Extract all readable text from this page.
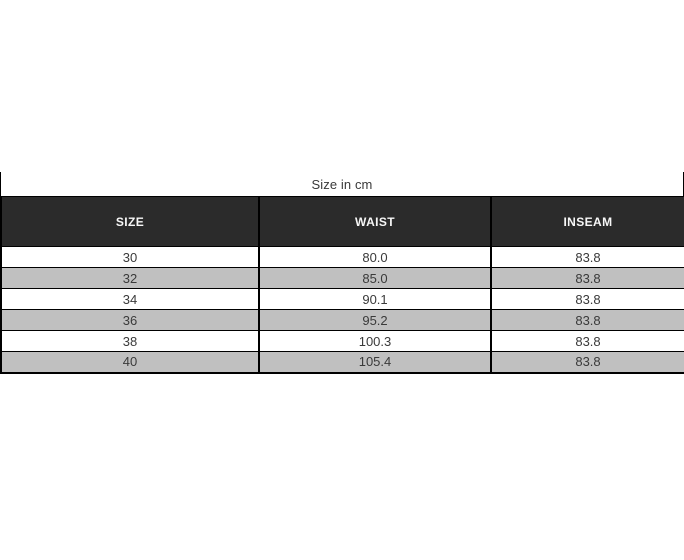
Size in cm
SIZE	WAIST	INSEAM
30	80.0	83.8
32	85.0	83.8
34	90.1	83.8
36	95.2	83.8
38	100.3	83.8
40	105.4	83.8
